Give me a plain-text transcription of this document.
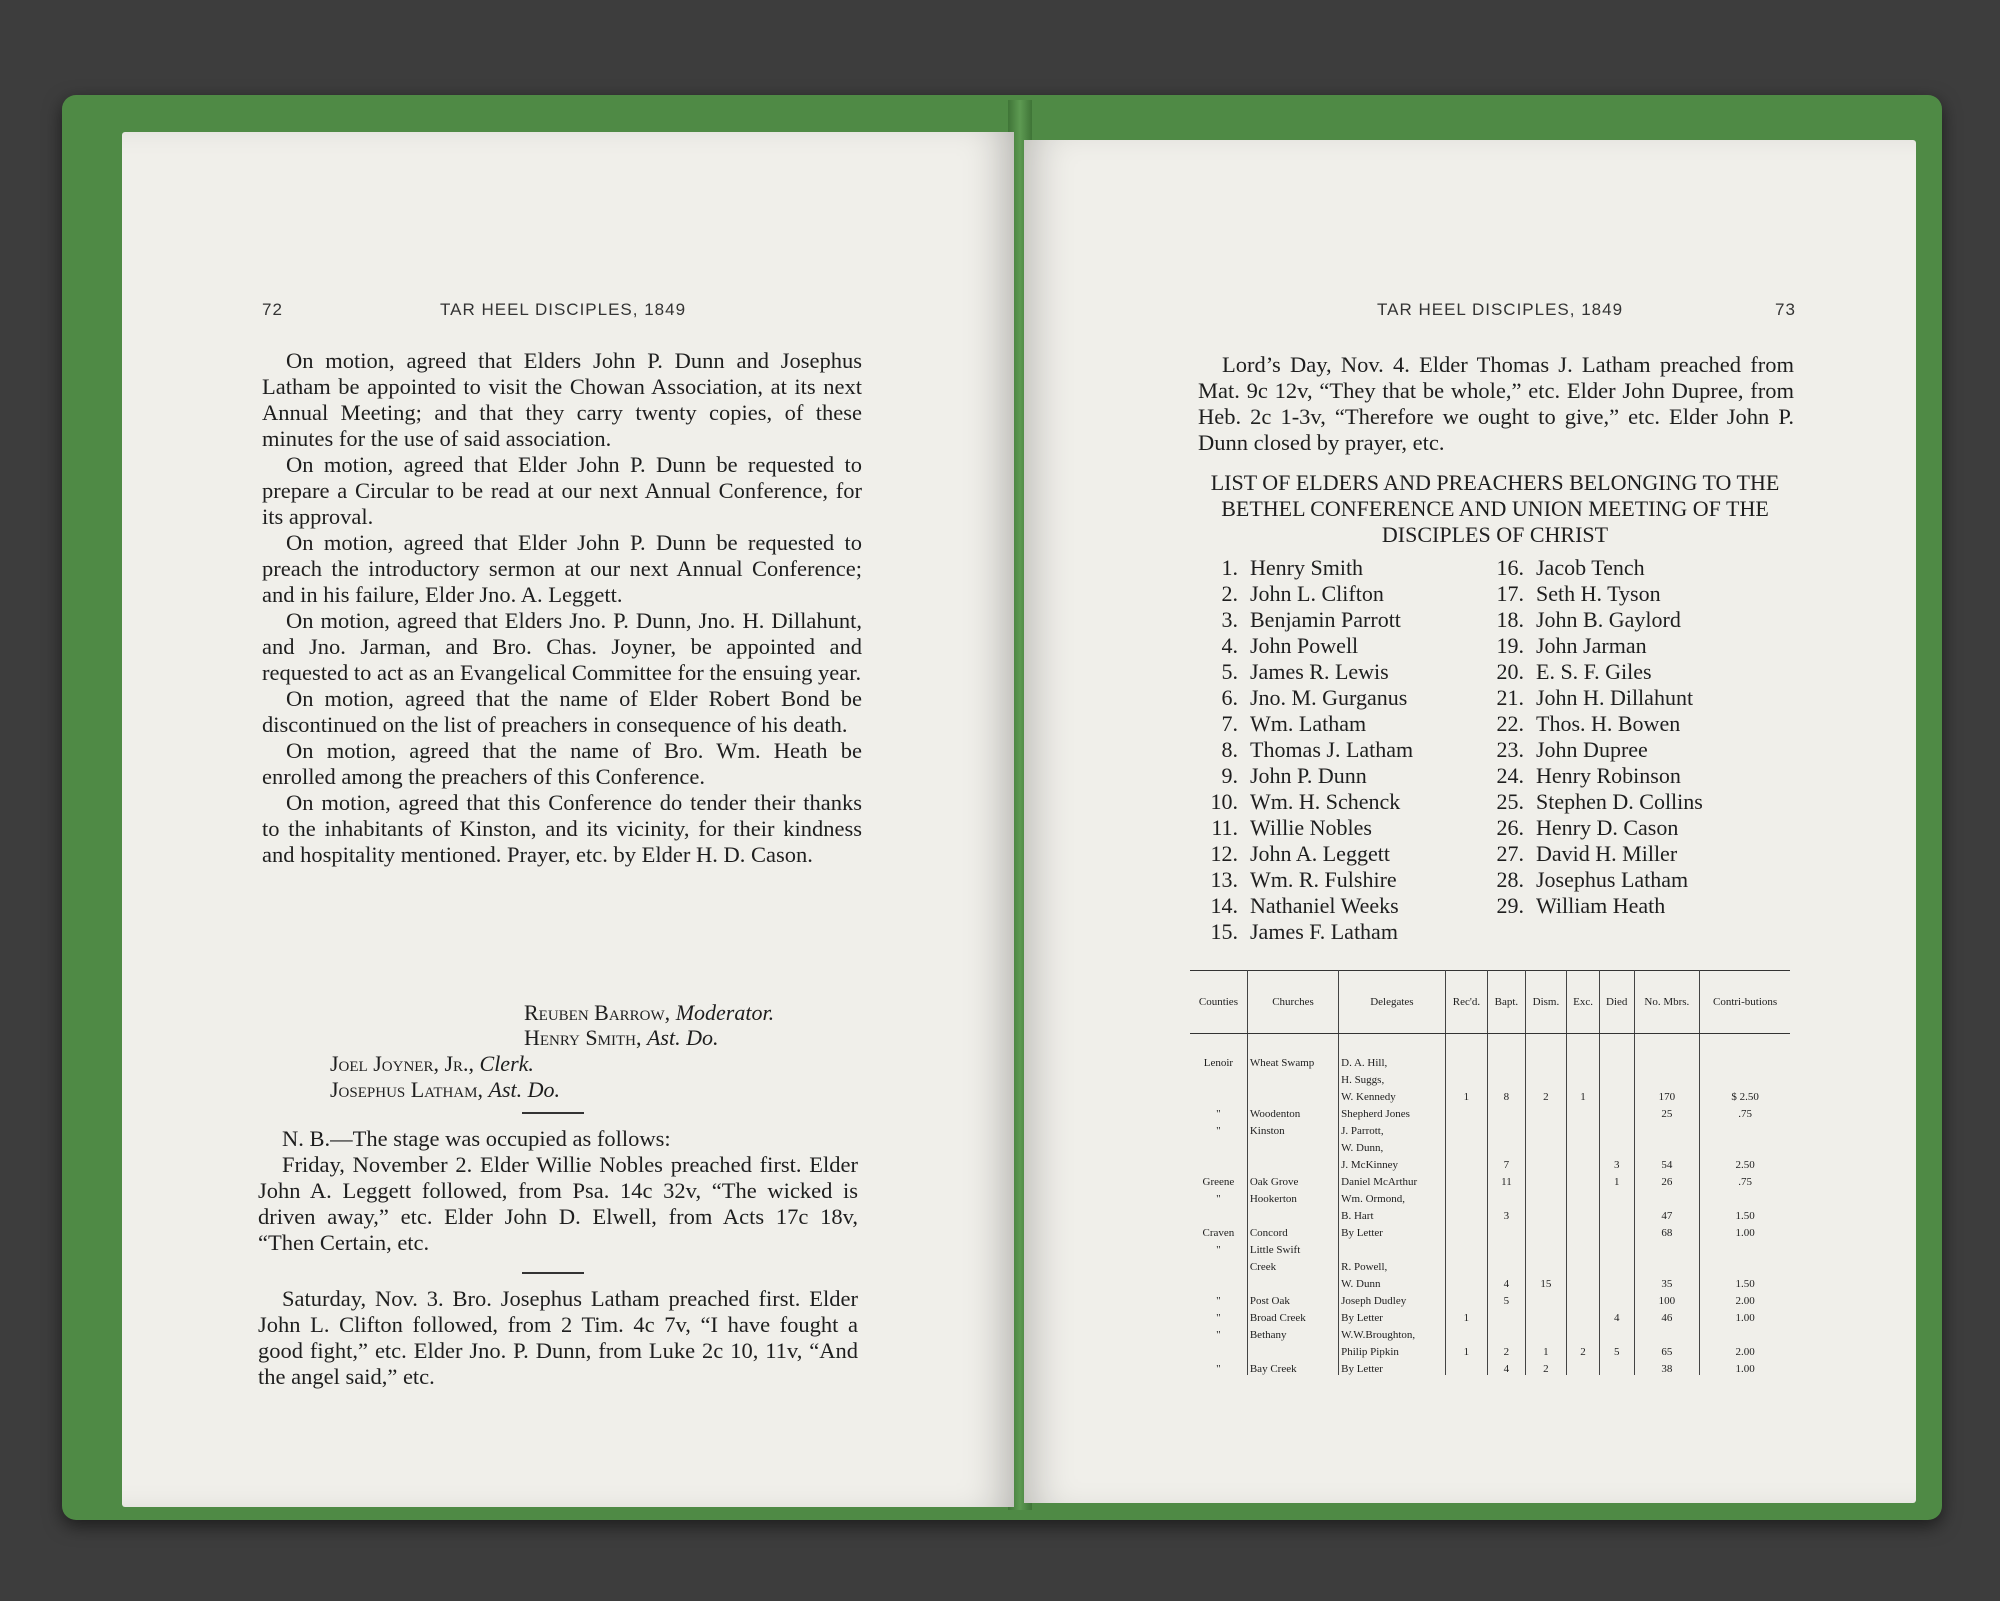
72	TAR HEEL DISCIPLES, 1849

On motion, agreed that Elders John P. Dunn and Josephus Latham be appointed to visit the Chowan Association, at its next Annual Meeting; and that they carry twenty copies, of these minutes for the use of said association.

On motion, agreed that Elder John P. Dunn be requested to prepare a Circular to be read at our next Annual Conference, for its approval.

On motion, agreed that Elder John P. Dunn be requested to preach the introductory sermon at our next Annual Conference; and in his failure, Elder Jno. A. Leggett.

On motion, agreed that Elders Jno. P. Dunn, Jno. H. Dillahunt, and Jno. Jarman, and Bro. Chas. Joyner, be appointed and requested to act as an Evangelical Committee for the ensuing year.

On motion, agreed that the name of Elder Robert Bond be discontinued on the list of preachers in consequence of his death.

On motion, agreed that the name of Bro. Wm. Heath be enrolled among the preachers of this Conference.

On motion, agreed that this Conference do tender their thanks to the inhabitants of Kinston, and its vicinity, for their kindness and hospitality mentioned. Prayer, etc. by Elder H. D. Cason.

Reuben Barrow, Moderator.
Henry Smith, Ast. Do.
Joel Joyner, Jr., Clerk.
Josephus Latham, Ast. Do.

N. B.—The stage was occupied as follows:

Friday, November 2. Elder Willie Nobles preached first. Elder John A. Leggett followed, from Psa. 14c 32v, “The wicked is driven away,” etc. Elder John D. Elwell, from Acts 17c 18v, “Then Certain, etc.

Saturday, Nov. 3. Bro. Josephus Latham preached first. Elder John L. Clifton followed, from 2 Tim. 4c 7v, “I have fought a good fight,” etc. Elder Jno. P. Dunn, from Luke 2c 10, 11v, “And the angel said,” etc.

TAR HEEL DISCIPLES, 1849	73

Lord’s Day, Nov. 4. Elder Thomas J. Latham preached from Mat. 9c 12v, “They that be whole,” etc. Elder John Dupree, from Heb. 2c 1-3v, “Therefore we ought to give,” etc. Elder John P. Dunn closed by prayer, etc.

LIST OF ELDERS AND PREACHERS BELONGING TO THE BETHEL CONFERENCE AND UNION MEETING OF THE DISCIPLES OF CHRIST
1. Henry Smith
2. John L. Clifton
3. Benjamin Parrott
4. John Powell
5. James R. Lewis
6. Jno. M. Gurganus
7. Wm. Latham
8. Thomas J. Latham
9. John P. Dunn
10. Wm. H. Schenck
11. Willie Nobles
12. John A. Leggett
13. Wm. R. Fulshire
14. Nathaniel Weeks
15. James F. Latham
16. Jacob Tench
17. Seth H. Tyson
18. John B. Gaylord
19. John Jarman
20. E. S. F. Giles
21. John H. Dillahunt
22. Thos. H. Bowen
23. John Dupree
24. Henry Robinson
25. Stephen D. Collins
26. Henry D. Cason
27. David H. Miller
28. Josephus Latham
29. William Heath
Counties	Churches	Delegates	Rec'd.	Bapt.	Dism.	Exc.	Died	No. Mbrs.	Contri-butions

Lenoir	Wheat Swamp	D. A. Hill,							
		H. Suggs,							
		W. Kennedy	1	8	2	1		170	$ 2.50
"	Woodenton	Shepherd Jones						25	.75
"	Kinston	J. Parrott,							
		W. Dunn,							
		J. McKinney		7			3	54	2.50
Greene	Oak Grove	Daniel McArthur		11			1	26	.75
"	Hookerton	Wm. Ormond,							
		B. Hart		3				47	1.50
Craven	Concord	By Letter						68	1.00
"	Little Swift								
	Creek	R. Powell,							
		W. Dunn		4	15			35	1.50
"	Post Oak	Joseph Dudley		5				100	2.00
"	Broad Creek	By Letter	1				4	46	1.00
"	Bethany	W.W.Broughton,							
		Philip Pipkin	1	2	1	2	5	65	2.00
"	Bay Creek	By Letter		4	2			38	1.00
